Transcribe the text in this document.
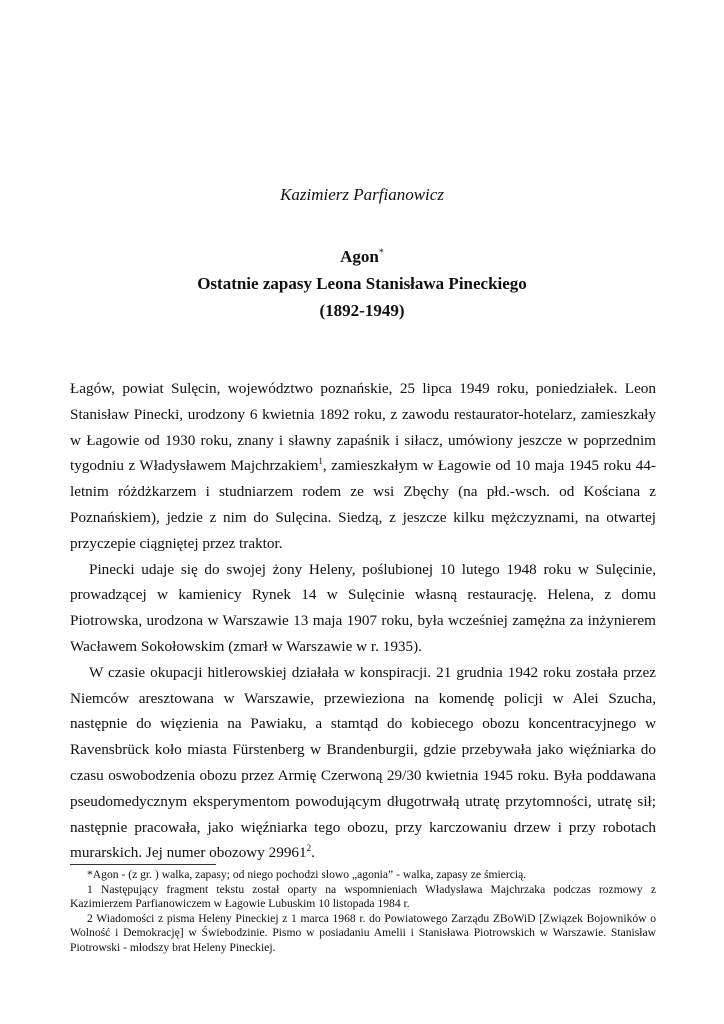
Kazimierz Parfianowicz
Agon*
Ostatnie zapasy Leona Stanisława Pineckiego
(1892-1949)

Łagów, powiat Sulęcin, województwo poznańskie, 25 lipca 1949 roku, poniedziałek. Leon Stanisław Pinecki, urodzony 6 kwietnia 1892 roku, z zawodu restaurator-hotelarz, zamieszkały w Łagowie od 1930 roku, znany i sławny zapaśnik i siłacz, umówiony jeszcze w poprzednim tygodniu z Władysławem Majchrzakiem$^1$, zamieszkałym w Łagowie od 10 maja 1945 roku 44-letnim różdżkarzem i studniarzem rodem ze wsi Zbęchy (na płd.-wsch. od Kościana z Poznańskiem), jedzie z nim do Sulęcina. Siedzą, z jeszcze kilku mężczyznami, na otwartej przyczepie ciągniętej przez traktor.

Pinecki udaje się do swojej żony Heleny, poślubionej 10 lutego 1948 roku w Sulęcinie, prowadzącej w kamienicy Rynek 14 w Sulęcinie własną restaurację. Helena, z domu Piotrowska, urodzona w Warszawie 13 maja 1907 roku, była wcześniej zamężna za inżynierem Wacławem Sokołowskim (zmarł w Warszawie w r. 1935).

W czasie okupacji hitlerowskiej działała w konspiracji. 21 grudnia 1942 roku została przez Niemców aresztowana w Warszawie, przewieziona na komendę policji w Alei Szucha, następnie do więzienia na Pawiaku, a stamtąd do kobiecego obozu koncentracyjnego w Ravensbrück koło miasta Fürstenberg w Brandenburgii, gdzie przebywała jako więźniarka do czasu oswobodzenia obozu przez Armię Czerwoną 29/30 kwietnia 1945 roku. Była poddawana pseudomedycznym eksperymentom powodującym długotrwałą utratę przytomności, utratę sił; następnie pracowała, jako więźniarka tego obozu, przy karczowaniu drzew i przy robotach murarskich. Jej numer obozowy 29961$^2$.

*Agon - (z gr. ) walka, zapasy; od niego pochodzi słowo „agonia” - walka, zapasy ze śmiercią.

1 Następujący fragment tekstu został oparty na wspomnieniach Władysława Majchrzaka podczas rozmowy z Kazimierzem Parfianowiczem w Łagowie Lubuskim 10 listopada 1984 r.

2 Wiadomości z pisma Heleny Pineckiej z 1 marca 1968 r. do Powiatowego Zarządu ZBoWiD [Związek Bojowników o Wolność i Demokrację] w Świebodzinie. Pismo w posiadaniu Amelii i Stanisława Piotrowskich w Warszawie. Stanisław Piotrowski - młodszy brat Heleny Pineckiej.
